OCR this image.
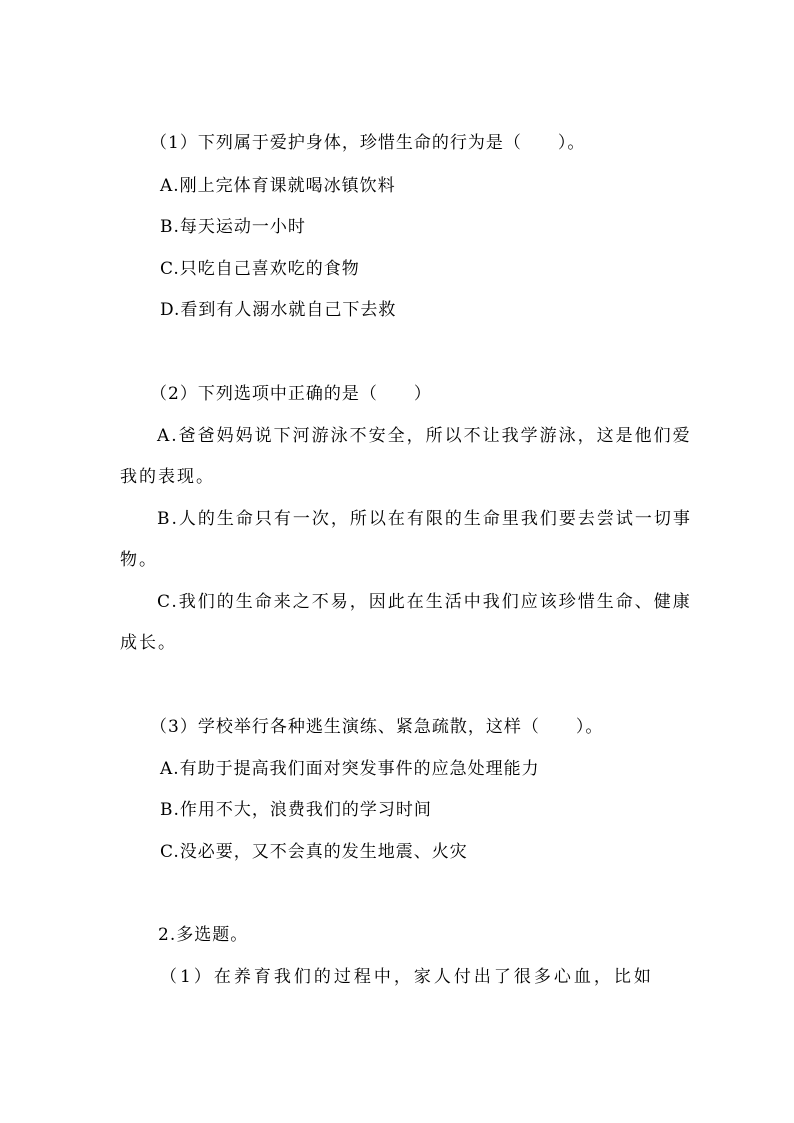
（1）下列属于爱护身体，珍惜生命的行为是（　　）。
A.刚上完体育课就喝冰镇饮料
B.每天运动一小时
C.只吃自己喜欢吃的食物
D.看到有人溺水就自己下去救
（2）下列选项中正确的是（　　）
A.爸爸妈妈说下河游泳不安全，所以不让我学游泳，这是他们爱
我的表现。
B.人的生命只有一次，所以在有限的生命里我们要去尝试一切事
物。
C.我们的生命来之不易，因此在生活中我们应该珍惜生命、健康
成长。
（3）学校举行各种逃生演练、紧急疏散，这样（　　）。
A.有助于提高我们面对突发事件的应急处理能力
B.作用不大，浪费我们的学习时间
C.没必要，又不会真的发生地震、火灾
2.多选题。
（1）在养育我们的过程中，家人付出了很多心血，比如
